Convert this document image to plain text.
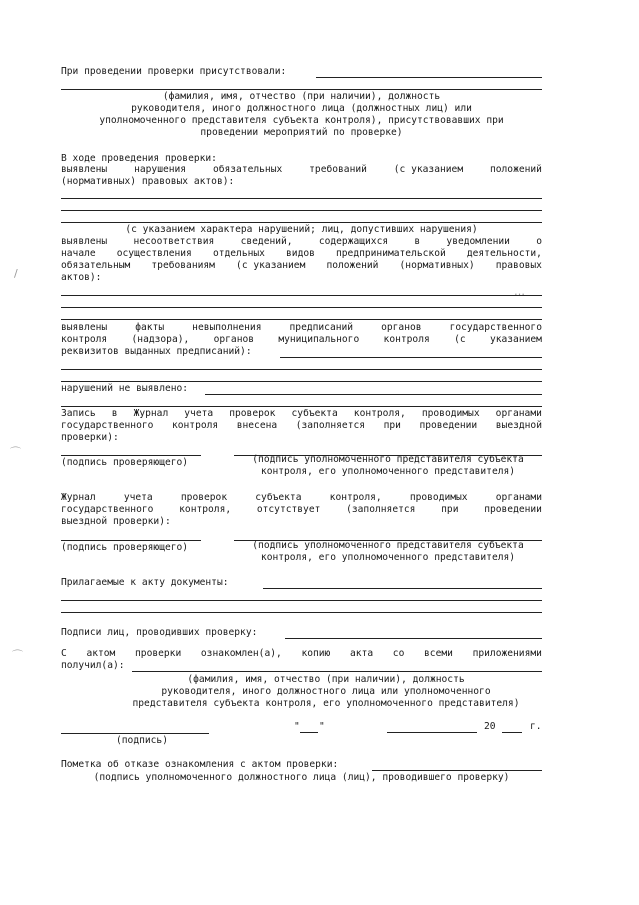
При проведении проверки присутствовали:
(фамилия, имя, отчество (при наличии), должность
руководителя, иного должностного лица (должностных лиц) или
уполномоченного представителя субъекта контроля), присутствовавших при
проведении мероприятий по проверке)
В ходе проведения проверки:
выявлены	нарушения	обязательных	требований	(с указанием	положений
(нормативных) правовых актов):
(с указанием характера нарушений; лиц, допустивших нарушения)
выявлены	несоответствия	сведений,	содержащихся	в	уведомлении	о
начале осуществления отдельных видов предпринимательской деятельности,
обязательным требованиям (с указанием положений (нормативных) правовых
актов):
выявлены	факты	невыполнения	предписаний	органов	государственного
контроля	(надзора),	органов	муниципального	контроля	(с	указанием
реквизитов выданных предписаний):
нарушений не выявлено:
Запись в Журнал учета проверок субъекта контроля, проводимых органами
государственного контроля внесена (заполняется при проведении выездной
проверки):
(подпись проверяющего)	(подпись уполномоченного представителя субъекта
контроля, его уполномоченного представителя)
Журнал	учета	проверок	субъекта	контроля,	проводимых	органами
государственного	контроля,	отсутствует	(заполняется	при	проведении
выездной проверки):
(подпись проверяющего)	(подпись уполномоченного представителя субъекта
контроля, его уполномоченного представителя)
Прилагаемые к акту документы:
Подписи лиц, проводивших проверку:
С актом проверки ознакомлен(а), копию акта со всеми приложениями
получил(а):
(фамилия, имя, отчество (при наличии), должность
руководителя, иного должностного лица или уполномоченного
представителя субъекта контроля, его уполномоченного представителя)
(подпись)
" "	20	г.
Пометка об отказе ознакомления с актом проверки:
(подпись уполномоченного должностного лица (лиц), проводившего проверку)
/
⌒
⌒
…
